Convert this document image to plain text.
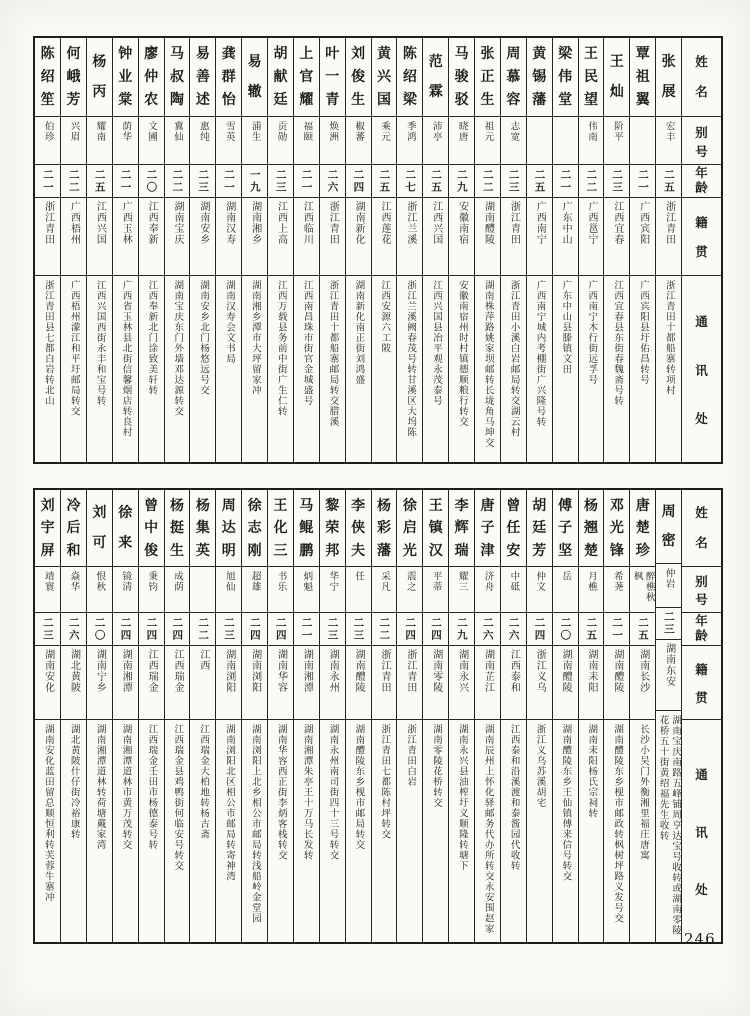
姓
名
别
号
年
龄
籍
贯
通
讯
处
张
展
宏丰
二五
浙江青田
浙江青田十都船寨转项村
覃
祖
翼
二一
广西宾阳
广西宾阳县圩佑昌转号
王
灿
阶平
二三
江西宜春
江西宜春县东街春魏斋号转
王
民
望
伟南
二二
广西邕宁
广西南宁木行街远孚号
梁
伟
堂
二一
广东中山
广东中山县滕镇文田
黄
锡
藩
二五
广西南宁
广西南宁城内考棚街广兴隆号转
周
慕
容
志宽
二三
浙江青田
浙江青田小溪白岩邮局转交湖云村
张
正
生
祖元
二二
湖南醴陵
湖南株萍路姚家坝邮转长垅角马坤交
马
骏
驳
晓唐
二九
安徽南宿
安徽南宿州时村镇德顺粮行转交
范
霖
沛亭
二五
江西兴国
江西兴国县冶平观永茂泰号
陈
绍
梁
季鸿
二七
浙江兰溪
浙江兰溪阙春茂号转甘溪区大坞陈
黄
兴
国
乘元
二五
江西莲花
江西安源六工陂
刘
俊
生
椒蕃
二四
湖南新化
湖南新化南正街刘鸿盛
叶
一
青
焕洲
二六
浙江青田
浙江青田十都船寨邮局转交腊溪
上
官
耀
福颐
二一
江西临川
江西南昌珠市街官金城盛号
胡
献
廷
贡勋
二三
江西上高
江西万载县务前中街广生仁转
易
辙
浦生
一九
湖南湘乡
湖南湘乡潭市大坪留家冲
龚
群
怡
雪英
二一
湖南汉寿
湖南汉寿会文书局
易
善
述
惠纯
二三
湖南安乡
湖南安乡北门杨悠远号交
马
叔
陶
冀仙
二二
湖南宝庆
湖南宝庆东门外墙邓达源转交
廖
仲
农
文圃
二〇
江西奉新
江西奉新北门涂致美轩转
钟
业
棠
荫华
二一
广西玉林
广西省玉林县北街信馨烟店转良村
杨
丙
耀南
二五
江西兴国
江西兴国西街永丰和宝号转
何
峨
芳
兴眉
二二
广西梧州
广西梧州濛江和平圩邮局转交
陈
绍
笙
伯珍
二一
浙江青田
浙江青田县七都白岩转北山
姓
名
别
号
年
龄
籍
贯
通
讯
处
周
密
仲岩
二三
湖南东安
湖南宝庆南路五峰铺周亨达宝号收转或湖南零陵花桥五十街黄绍福先生收转
唐
楚
珍
醉樵秋枫
二五
湖南长沙
长沙小吴门外衡湘里福庄唐寓
邓
光
锋
希荛
二一
湖南醴陵
湖南醴陵东乡枧市邮政转枫树坪路义发号交
杨
翘
楚
月樵
二五
湖南耒阳
湖南耒阳杨氏宗祠转
傅
子
坚
岳
二〇
湖南醴陵
湖南醴陵东乡王仙镇傅来信号转交
胡
廷
芳
仲文
二四
浙江义乌
浙江义乌苏溪胡宅
曾
任
安
中砥
二六
江西泰和
江西泰和沿溪渡和泰酱园代收转
唐
子
津
济舟
二六
湖南芷江
湖南辰州上怀化驿邮务代办所转交永安围赵家
李
辉
瑞
耀三
二九
湖南永兴
湖南永兴县油榨圩义顺隆转塘下
王
镇
汉
平蒂
二四
湖南零陵
湖南零陵花桥转交
徐
启
光
震之
二四
浙江青田
浙江青田白岩
杨
彩
藩
采凡
二二
浙江青田
浙江青田七都陈村坪转交
李
侠
夫
任
二三
湖南醴陵
湖南醴陵东乡枧市邮局转交
黎
荣
邦
华宁
二三
湖南永州
湖南永州南司街四十三号转交
马
鲲
鹏
炳魁
二一
湖南湘潭
湖南湘潭朱亭王十万马长发转
王
化
三
书乐
二四
湖南华容
湖南华容西正街李炳客栈转交
徐
志
刚
超雄
二四
湖南浏阳
湖南浏阳上北乡相公市邮局转浅船岭金堂园
周
达
明
旭仙
二三
湖南浏阳
湖南浏阳北区相公市邮局转寄神湾
杨
集
英
二二
江西
江西瑞金大柏地转杨古斋
杨
挺
生
成荫
二四
江西瑞金
江西瑞金县鸡鸭街何临安号转交
曾
中
俊
秉钧
二四
江西瑞金
江西瑞金壬田市杨德泰号转
徐
来
镜清
二四
湖南湘潭
湖南湘潭道林市黄万茂转交
刘
可
恨秋
二〇
湖南宁乡
湖南湘潭道林转荷塘戴家湾
冷
后
和
焱华
二六
湖北黄陂
湖北黄陂什仔街冷裕康转
刘
宇
屏
靖寰
二三
湖南安化
湖南安化蓝田留总顺恒利转芙蓉牛寨冲
246
